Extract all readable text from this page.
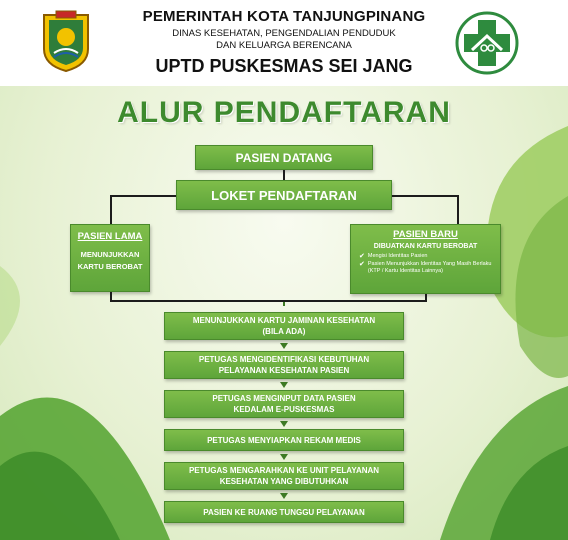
PEMERINTAH KOTA TANJUNGPINANG
DINAS KESEHATAN, PENGENDALIAN PENDUDUK
DAN KELUARGA BERENCANA
UPTD PUSKESMAS SEI JANG
ALUR PENDAFTARAN
PASIEN DATANG
LOKET PENDAFTARAN
PASIEN LAMA
MENUNJUKKAN
KARTU BEROBAT
PASIEN BARU
DIBUATKAN KARTU BEROBAT
✔ Mengisi Identitas Pasien
✔ Pasien Menunjukkan Identitas Yang Masih Berlaku (KTP / Kartu Identitas Lainnya)
MENUNJUKKAN KARTU JAMINAN KESEHATAN
(BILA ADA)
PETUGAS MENGIDENTIFIKASI KEBUTUHAN
PELAYANAN KESEHATAN PASIEN
PETUGAS MENGINPUT DATA PASIEN
KEDALAM E-PUSKESMAS
PETUGAS MENYIAPKAN REKAM MEDIS
PETUGAS MENGARAHKAN KE UNIT PELAYANAN
KESEHATAN YANG DIBUTUHKAN
PASIEN KE RUANG TUNGGU PELAYANAN
